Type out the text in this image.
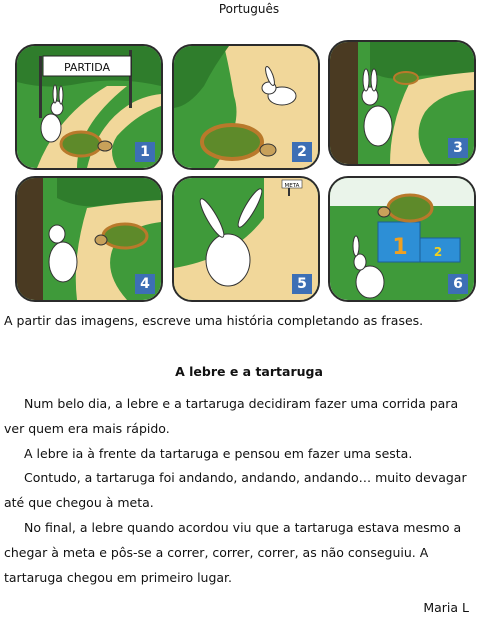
Português
PARTIDA
1	2	3
4
META
5
1 2
6
A partir das imagens, escreve uma história completando as frases.
A lebre e a tartaruga

Num belo dia, a lebre e a tartaruga decidiram fazer uma corrida para ver quem era mais rápido.

A lebre ia à frente da tartaruga e pensou em fazer uma sesta.

Contudo, a tartaruga foi andando, andando, andando… muito devagar até que chegou à meta.

No final, a lebre quando acordou viu que a tartaruga estava mesmo a chegar à meta e pôs-se a correr, correr, correr, as não conseguiu. A tartaruga chegou em primeiro lugar.

Maria L
